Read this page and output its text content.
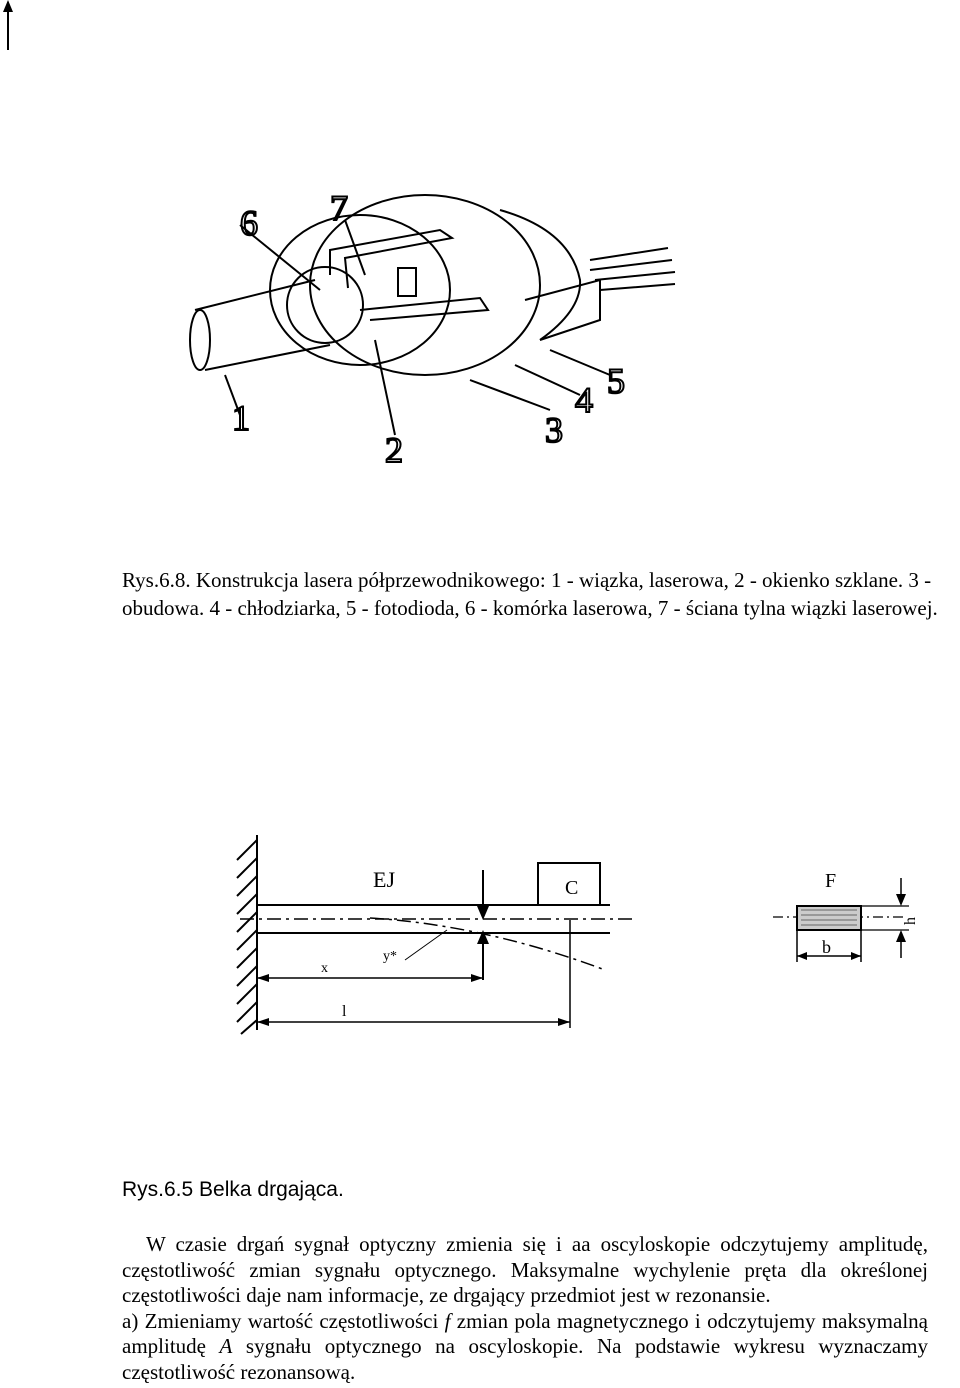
1
2	3
4 5
6 7
Rys.6.8. Konstrukcja lasera półprzewodnikowego: 1 - wiązka, laserowa, 2 - okienko szklane. 3 - obudowa. 4 - chłodziarka, 5 - fotodioda, 6 - komórka laserowa, 7 - ściana tylna wiązki laserowej.
C
EJ
y*
x
l
F
b
h
Rys.6.5 Belka drgająca.

W czasie drgań sygnał optyczny zmienia się i aa oscyloskopie odczytujemy amplitudę, częstotliwość zmian sygnału optycznego. Maksymalne wychylenie pręta dla określonej częstotliwości daje nam informacje, ze drgający przedmiot jest w rezonansie.

a) Zmieniamy wartość częstotliwości f zmian pola magnetycznego i odczytujemy maksymalną amplitudę A sygnału optycznego na oscyloskopie. Na podstawie wykresu wyznaczamy częstotliwość rezonansową.
